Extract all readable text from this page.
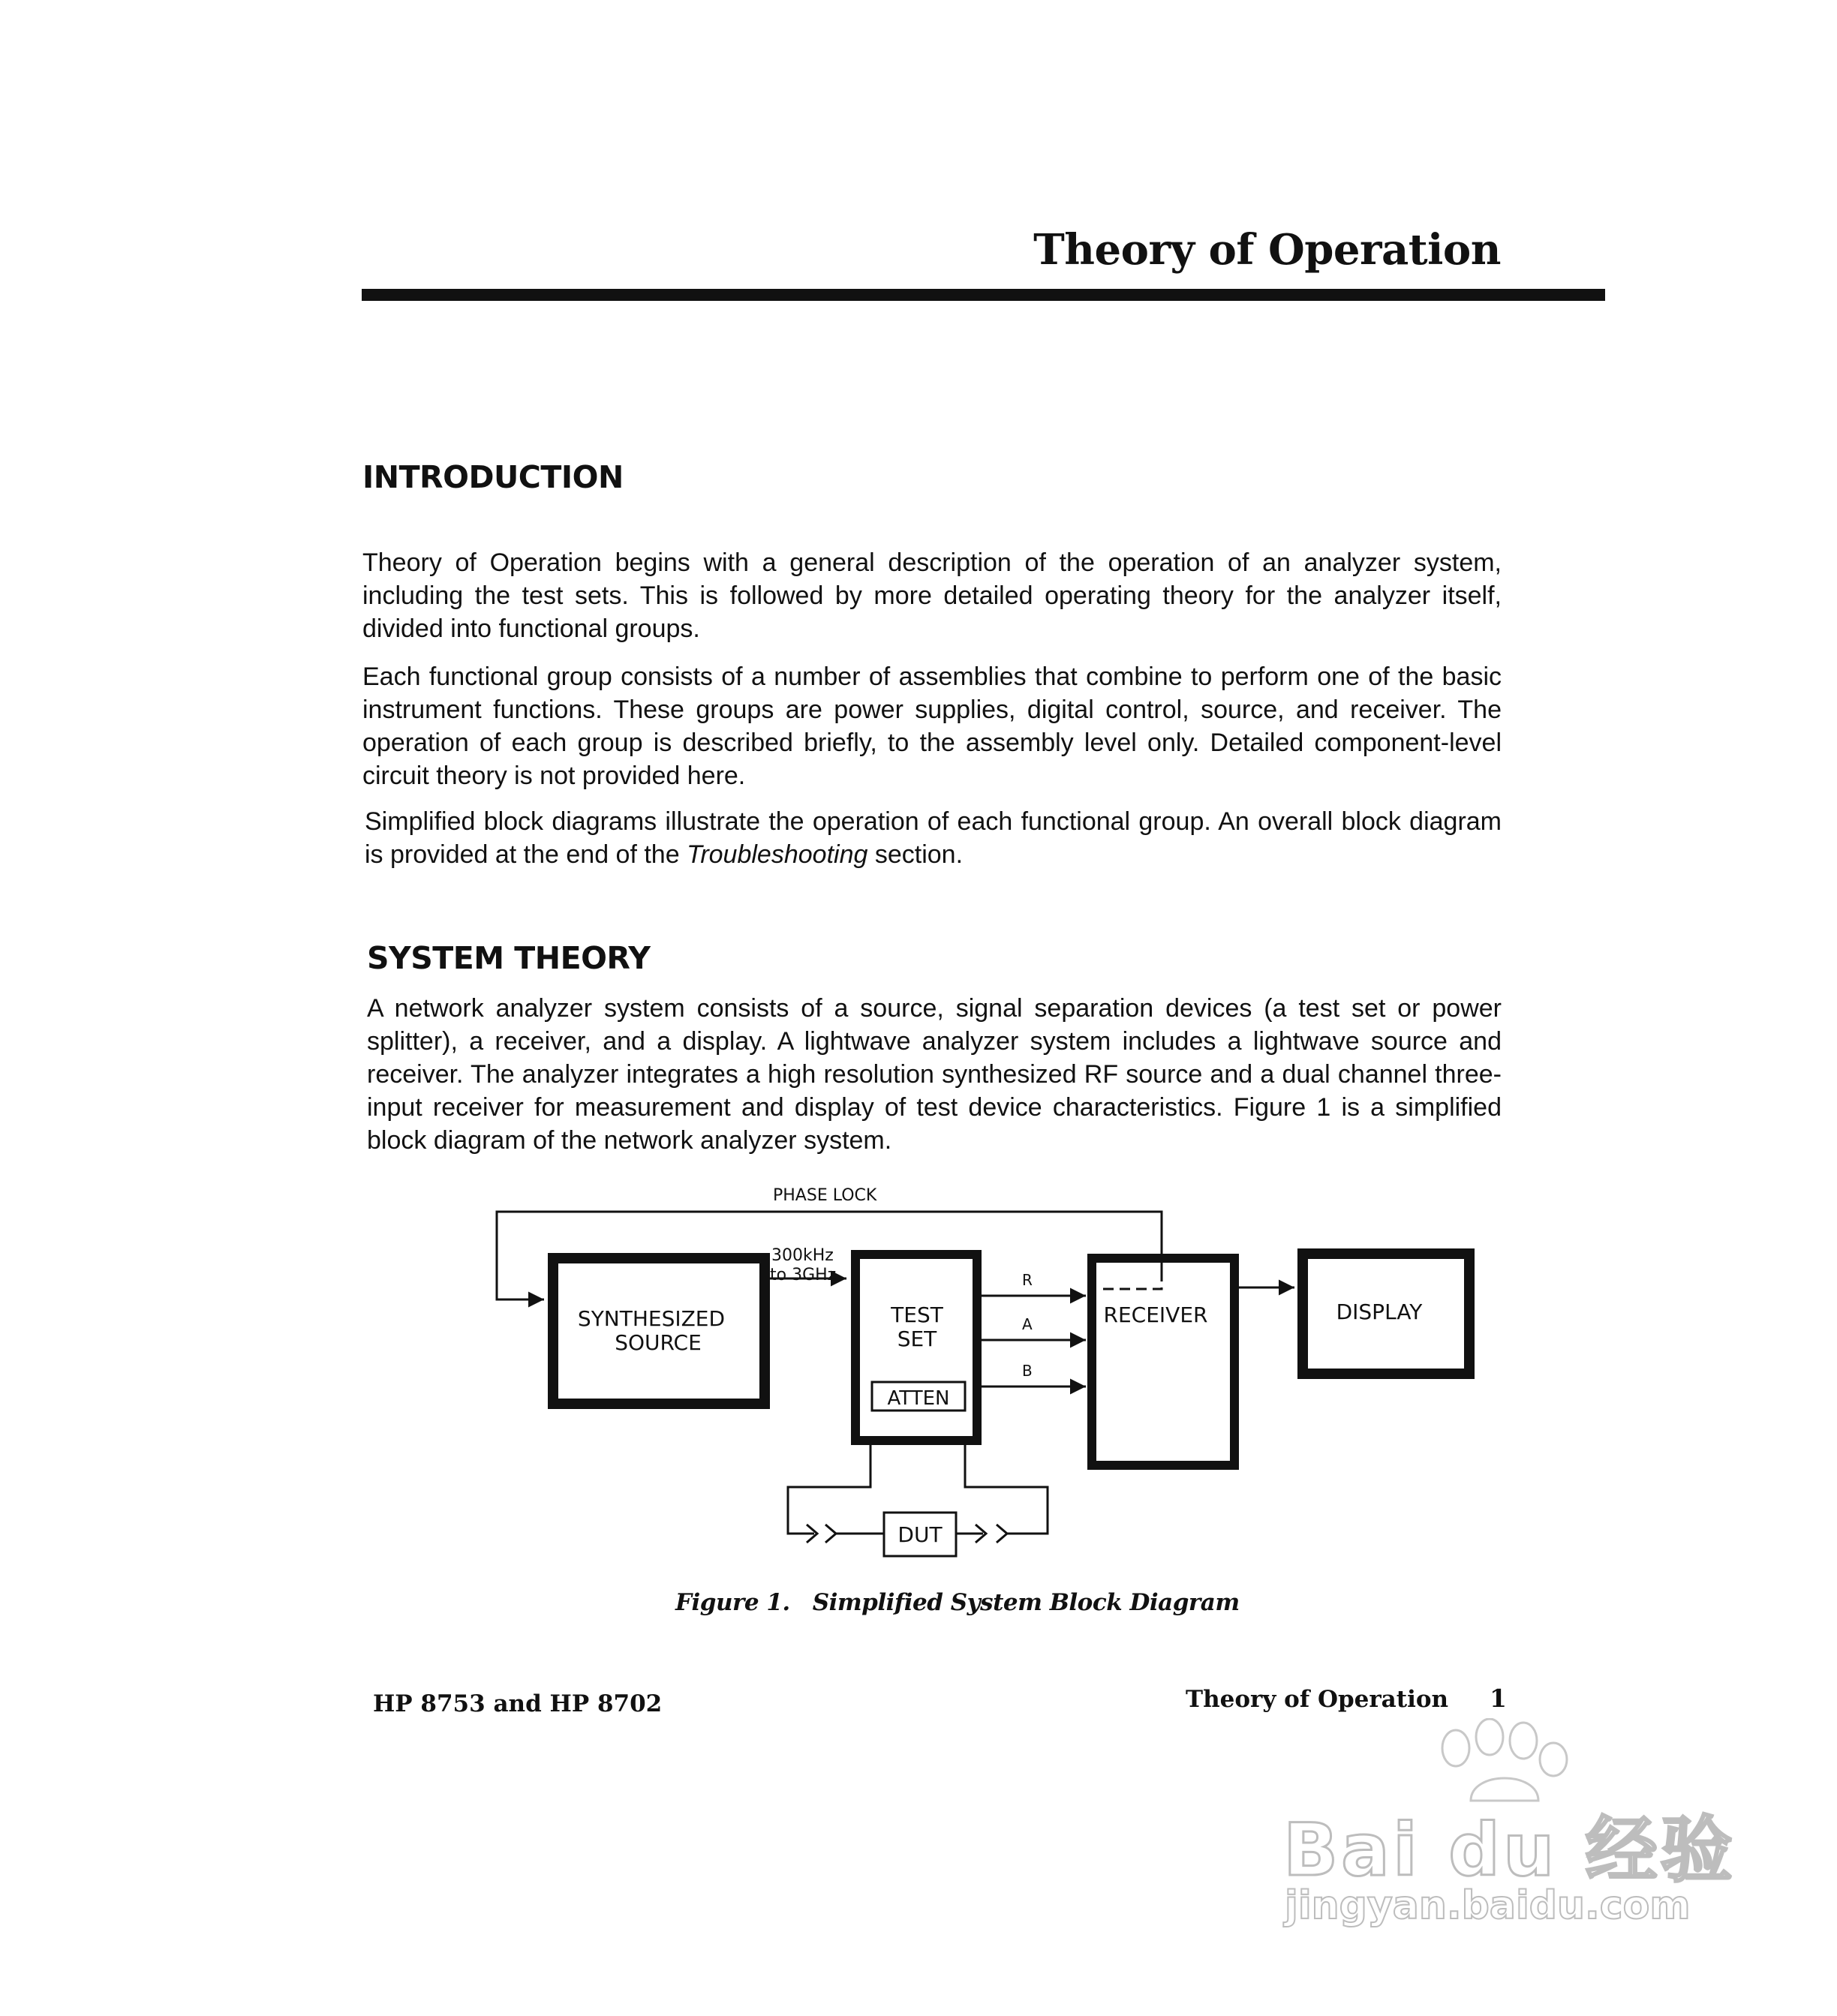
Theory of Operation
INTRODUCTION

Theory of Operation begins with a general description of the operation of an analyzer system, including the test sets. This is followed by more detailed operating theory for the analyzer itself, divided into functional groups.

Each functional group consists of a number of assemblies that combine to perform one of the basic instrument functions. These groups are power supplies, digital control, source, and receiver. The operation of each group is described briefly, to the assembly level only. Detailed component-level circuit theory is not provided here.

Simplified block diagrams illustrate the operation of each functional group. An overall block diagram is provided at the end of the Troubleshooting section.

SYSTEM THEORY

A network analyzer system consists of a source, signal separation devices (a test set or power splitter), a receiver, and a display. A lightwave analyzer system includes a lightwave source and receiver. The analyzer integrates a high resolution synthesized RF source and a dual channel three-input receiver for measurement and display of test device characteristics. Figure 1 is a simplified block diagram of the network analyzer system.

PHASE LOCK
SYNTHESIZED
SOURCE
300kHz
to 3GHz
TEST
SET
ATTEN
R
A
B
RECEIVER	DISPLAY
DUT
Figure 1. Simplified System Block Diagram
HP 8753 and HP 8702	Theory of Operation 1
Bai du 经验
jingyan.baidu.com
